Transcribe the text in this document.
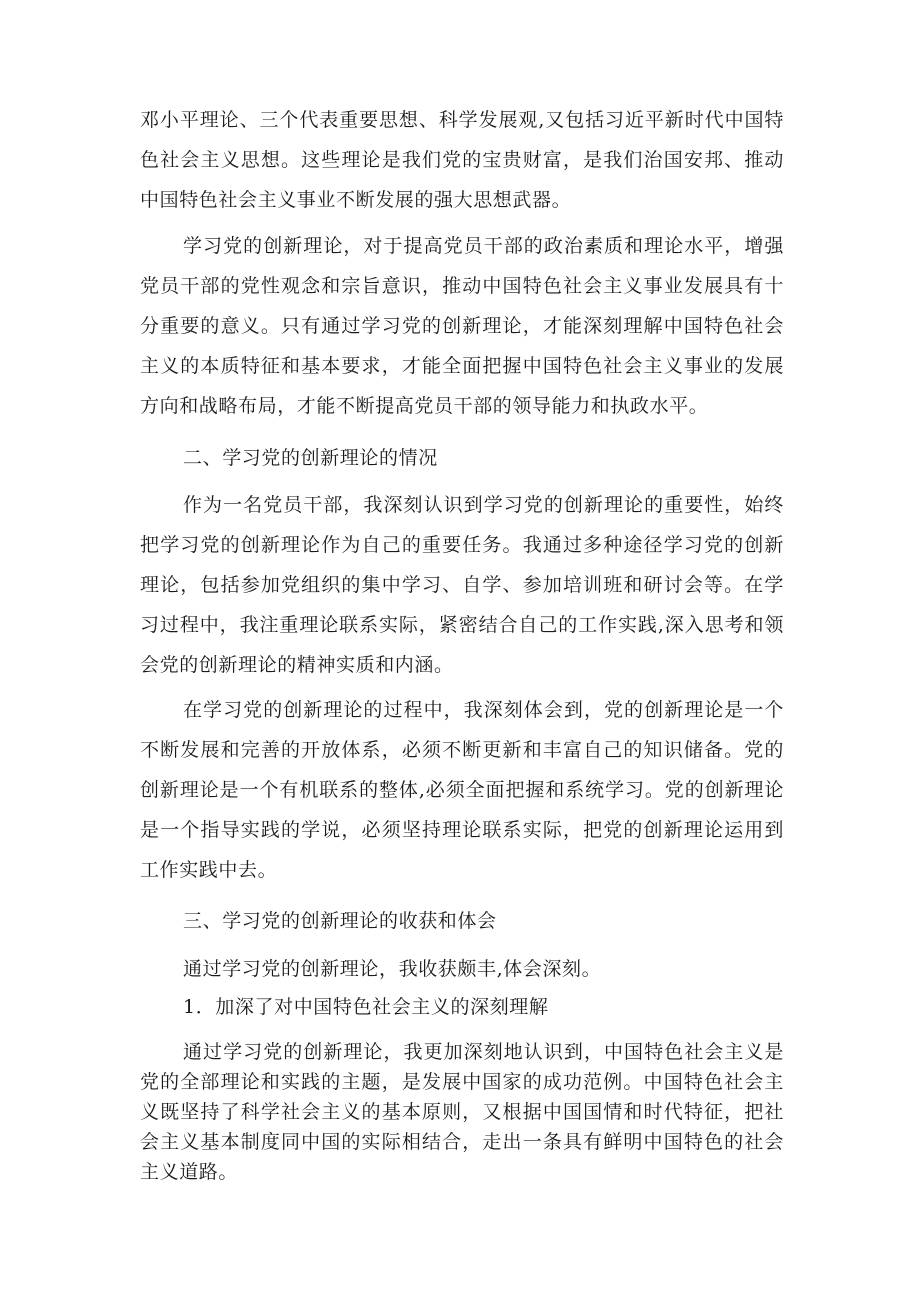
邓小平理论、三个代表重要思想、科学发展观,又包括习近平新时代中国特色社会主义思想。这些理论是我们党的宝贵财富，是我们治国安邦、推动中国特色社会主义事业不断发展的强大思想武器。

学习党的创新理论，对于提高党员干部的政治素质和理论水平，增强党员干部的党性观念和宗旨意识，推动中国特色社会主义事业发展具有十分重要的意义。只有通过学习党的创新理论，才能深刻理解中国特色社会主义的本质特征和基本要求，才能全面把握中国特色社会主义事业的发展方向和战略布局，才能不断提高党员干部的领导能力和执政水平。

二、学习党的创新理论的情况

作为一名党员干部，我深刻认识到学习党的创新理论的重要性，始终把学习党的创新理论作为自己的重要任务。我通过多种途径学习党的创新理论，包括参加党组织的集中学习、自学、参加培训班和研讨会等。在学习过程中，我注重理论联系实际，紧密结合自己的工作实践,深入思考和领会党的创新理论的精神实质和内涵。

在学习党的创新理论的过程中，我深刻体会到，党的创新理论是一个不断发展和完善的开放体系，必须不断更新和丰富自己的知识储备。党的创新理论是一个有机联系的整体,必须全面把握和系统学习。党的创新理论是一个指导实践的学说，必须坚持理论联系实际，把党的创新理论运用到工作实践中去。

三、学习党的创新理论的收获和体会

通过学习党的创新理论，我收获颇丰,体会深刻。

1．加深了对中国特色社会主义的深刻理解

通过学习党的创新理论，我更加深刻地认识到，中国特色社会主义是党的全部理论和实践的主题，是发展中国家的成功范例。中国特色社会主义既坚持了科学社会主义的基本原则，又根据中国国情和时代特征，把社会主义基本制度同中国的实际相结合，走出一条具有鲜明中国特色的社会主义道路。
